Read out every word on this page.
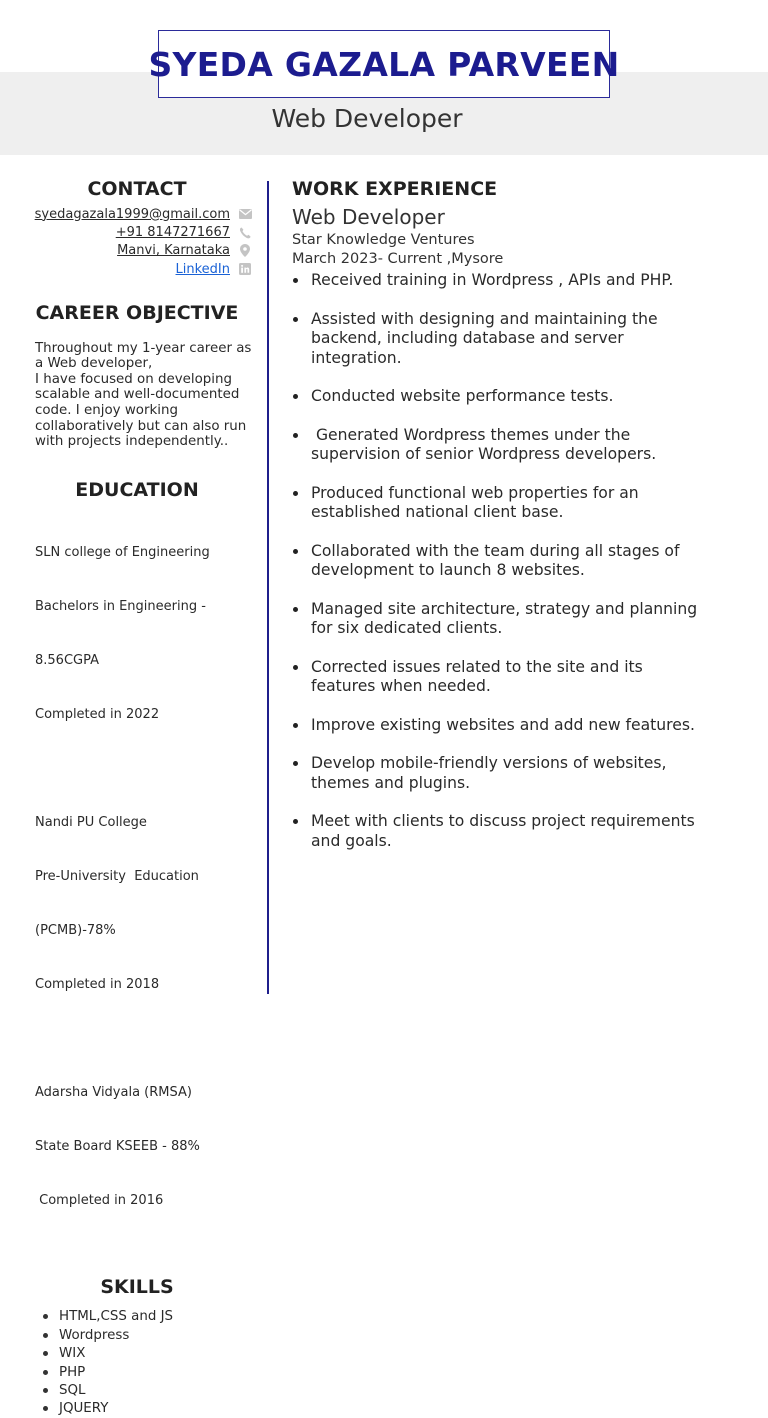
SYEDA GAZALA PARVEEN
Web Developer
CONTACT
syedagazala1999@gmail.com
+91 8147271667
Manvi, Karnataka
LinkedIn
CAREER OBJECTIVE
Throughout my 1-year career as
a Web developer,
I have focused on developing
scalable and well-documented
code. I enjoy working
collaboratively but can also run
with projects independently..
EDUCATION

SLN college of Engineering

Bachelors in Engineering -

8.56CGPA

Completed in 2022

Nandi PU College

Pre-University  Education

(PCMB)-78%

Completed in 2018

Adarsha Vidyala (RMSA)

State Board KSEEB - 88%

Completed in 2016

SKILLS
HTML,CSS and JS
Wordpress
WIX
PHP
SQL
JQUERY
WORK EXPERIENCE
Web Developer
Star Knowledge Ventures
March 2023- Current ,Mysore
Received training in Wordpress , APIs and PHP.
Assisted with designing and maintaining the
backend, including database and server
integration.
Conducted website performance tests.
Generated Wordpress themes under the
supervision of senior Wordpress developers.
Produced functional web properties for an
established national client base.
Collaborated with the team during all stages of
development to launch 8 websites.
Managed site architecture, strategy and planning
for six dedicated clients.
Corrected issues related to the site and its
features when needed.
Improve existing websites and add new features.
Develop mobile-friendly versions of websites,
themes and plugins.
Meet with clients to discuss project requirements
and goals.
